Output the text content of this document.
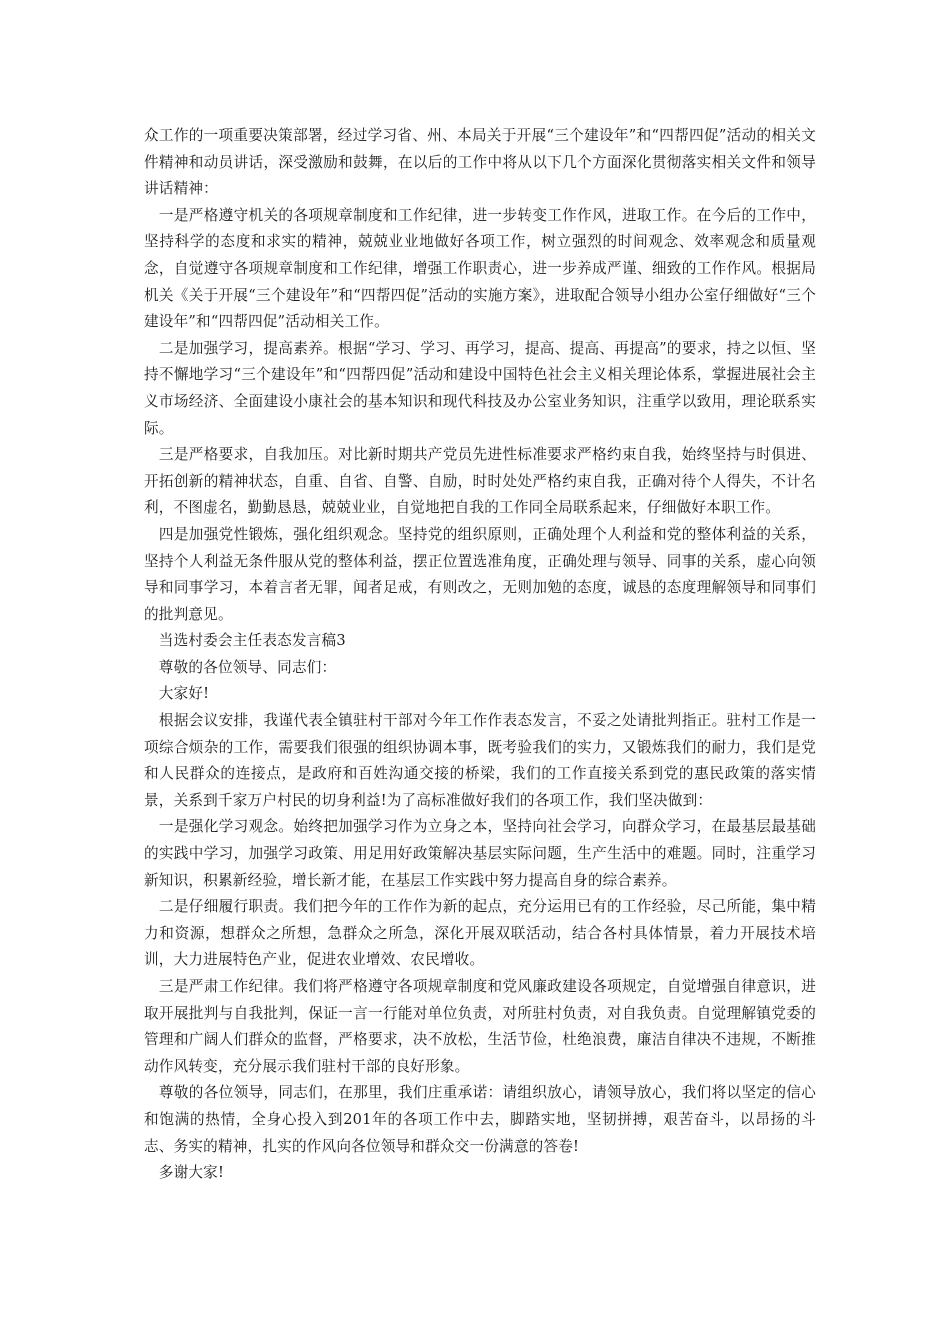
众工作的一项重要决策部署，经过学习省、州、本局关于开展“三个建设年”和“四帮四促”活动的相关文件精神和动员讲话，深受激励和鼓舞，在以后的工作中将从以下几个方面深化贯彻落实相关文件和领导讲话精神：

　一是严格遵守机关的各项规章制度和工作纪律，进一步转变工作作风，进取工作。在今后的工作中，坚持科学的态度和求实的精神，兢兢业业地做好各项工作，树立强烈的时间观念、效率观念和质量观念，自觉遵守各项规章制度和工作纪律，增强工作职责心，进一步养成严谨、细致的工作作风。根据局机关《关于开展“三个建设年”和“四帮四促”活动的实施方案》，进取配合领导小组办公室仔细做好“三个建设年”和“四帮四促”活动相关工作。

　二是加强学习，提高素养。根据“学习、学习、再学习，提高、提高、再提高”的要求，持之以恒、坚持不懈地学习“三个建设年”和“四帮四促”活动和建设中国特色社会主义相关理论体系，掌握进展社会主义市场经济、全面建设小康社会的基本知识和现代科技及办公室业务知识，注重学以致用，理论联系实际。

　三是严格要求，自我加压。对比新时期共产党员先进性标准要求严格约束自我，始终坚持与时俱进、开拓创新的精神状态，自重、自省、自警、自励，时时处处严格约束自我，正确对待个人得失，不计名利，不图虚名，勤勤恳恳，兢兢业业，自觉地把自我的工作同全局联系起来，仔细做好本职工作。

　四是加强党性锻炼，强化组织观念。坚持党的组织原则，正确处理个人利益和党的整体利益的关系，坚持个人利益无条件服从党的整体利益，摆正位置选准角度，正确处理与领导、同事的关系，虚心向领导和同事学习，本着言者无罪，闻者足戒，有则改之，无则加勉的态度，诚恳的态度理解领导和同事们的批判意见。

　当选村委会主任表态发言稿3

　尊敬的各位领导、同志们：

　大家好!

　根据会议安排，我谨代表全镇驻村干部对今年工作作表态发言，不妥之处请批判指正。驻村工作是一项综合烦杂的工作，需要我们很强的组织协调本事，既考验我们的实力，又锻炼我们的耐力，我们是党和人民群众的连接点，是政府和百姓沟通交接的桥梁，我们的工作直接关系到党的惠民政策的落实情景，关系到千家万户村民的切身利益!为了高标准做好我们的各项工作，我们坚决做到：

　一是强化学习观念。始终把加强学习作为立身之本，坚持向社会学习，向群众学习，在最基层最基础的实践中学习，加强学习政策、用足用好政策解决基层实际问题，生产生活中的难题。同时，注重学习新知识，积累新经验，增长新才能，在基层工作实践中努力提高自身的综合素养。

　二是仔细履行职责。我们把今年的工作作为新的起点，充分运用已有的工作经验，尽己所能，集中精力和资源，想群众之所想，急群众之所急，深化开展双联活动，结合各村具体情景，着力开展技术培训，大力进展特色产业，促进农业增效、农民增收。

　三是严肃工作纪律。我们将严格遵守各项规章制度和党风廉政建设各项规定，自觉增强自律意识，进取开展批判与自我批判，保证一言一行能对单位负责，对所驻村负责，对自我负责。自觉理解镇党委的管理和广阔人们群众的监督，严格要求，决不放松，生活节俭，杜绝浪费，廉洁自律决不违规，不断推动作风转变，充分展示我们驻村干部的良好形象。

　尊敬的各位领导，同志们，在那里，我们庄重承诺：请组织放心，请领导放心，我们将以坚定的信心和饱满的热情，全身心投入到201年的各项工作中去，脚踏实地，坚韧拼搏，艰苦奋斗，以昂扬的斗志、务实的精神，扎实的作风向各位领导和群众交一份满意的答卷!

　多谢大家!
